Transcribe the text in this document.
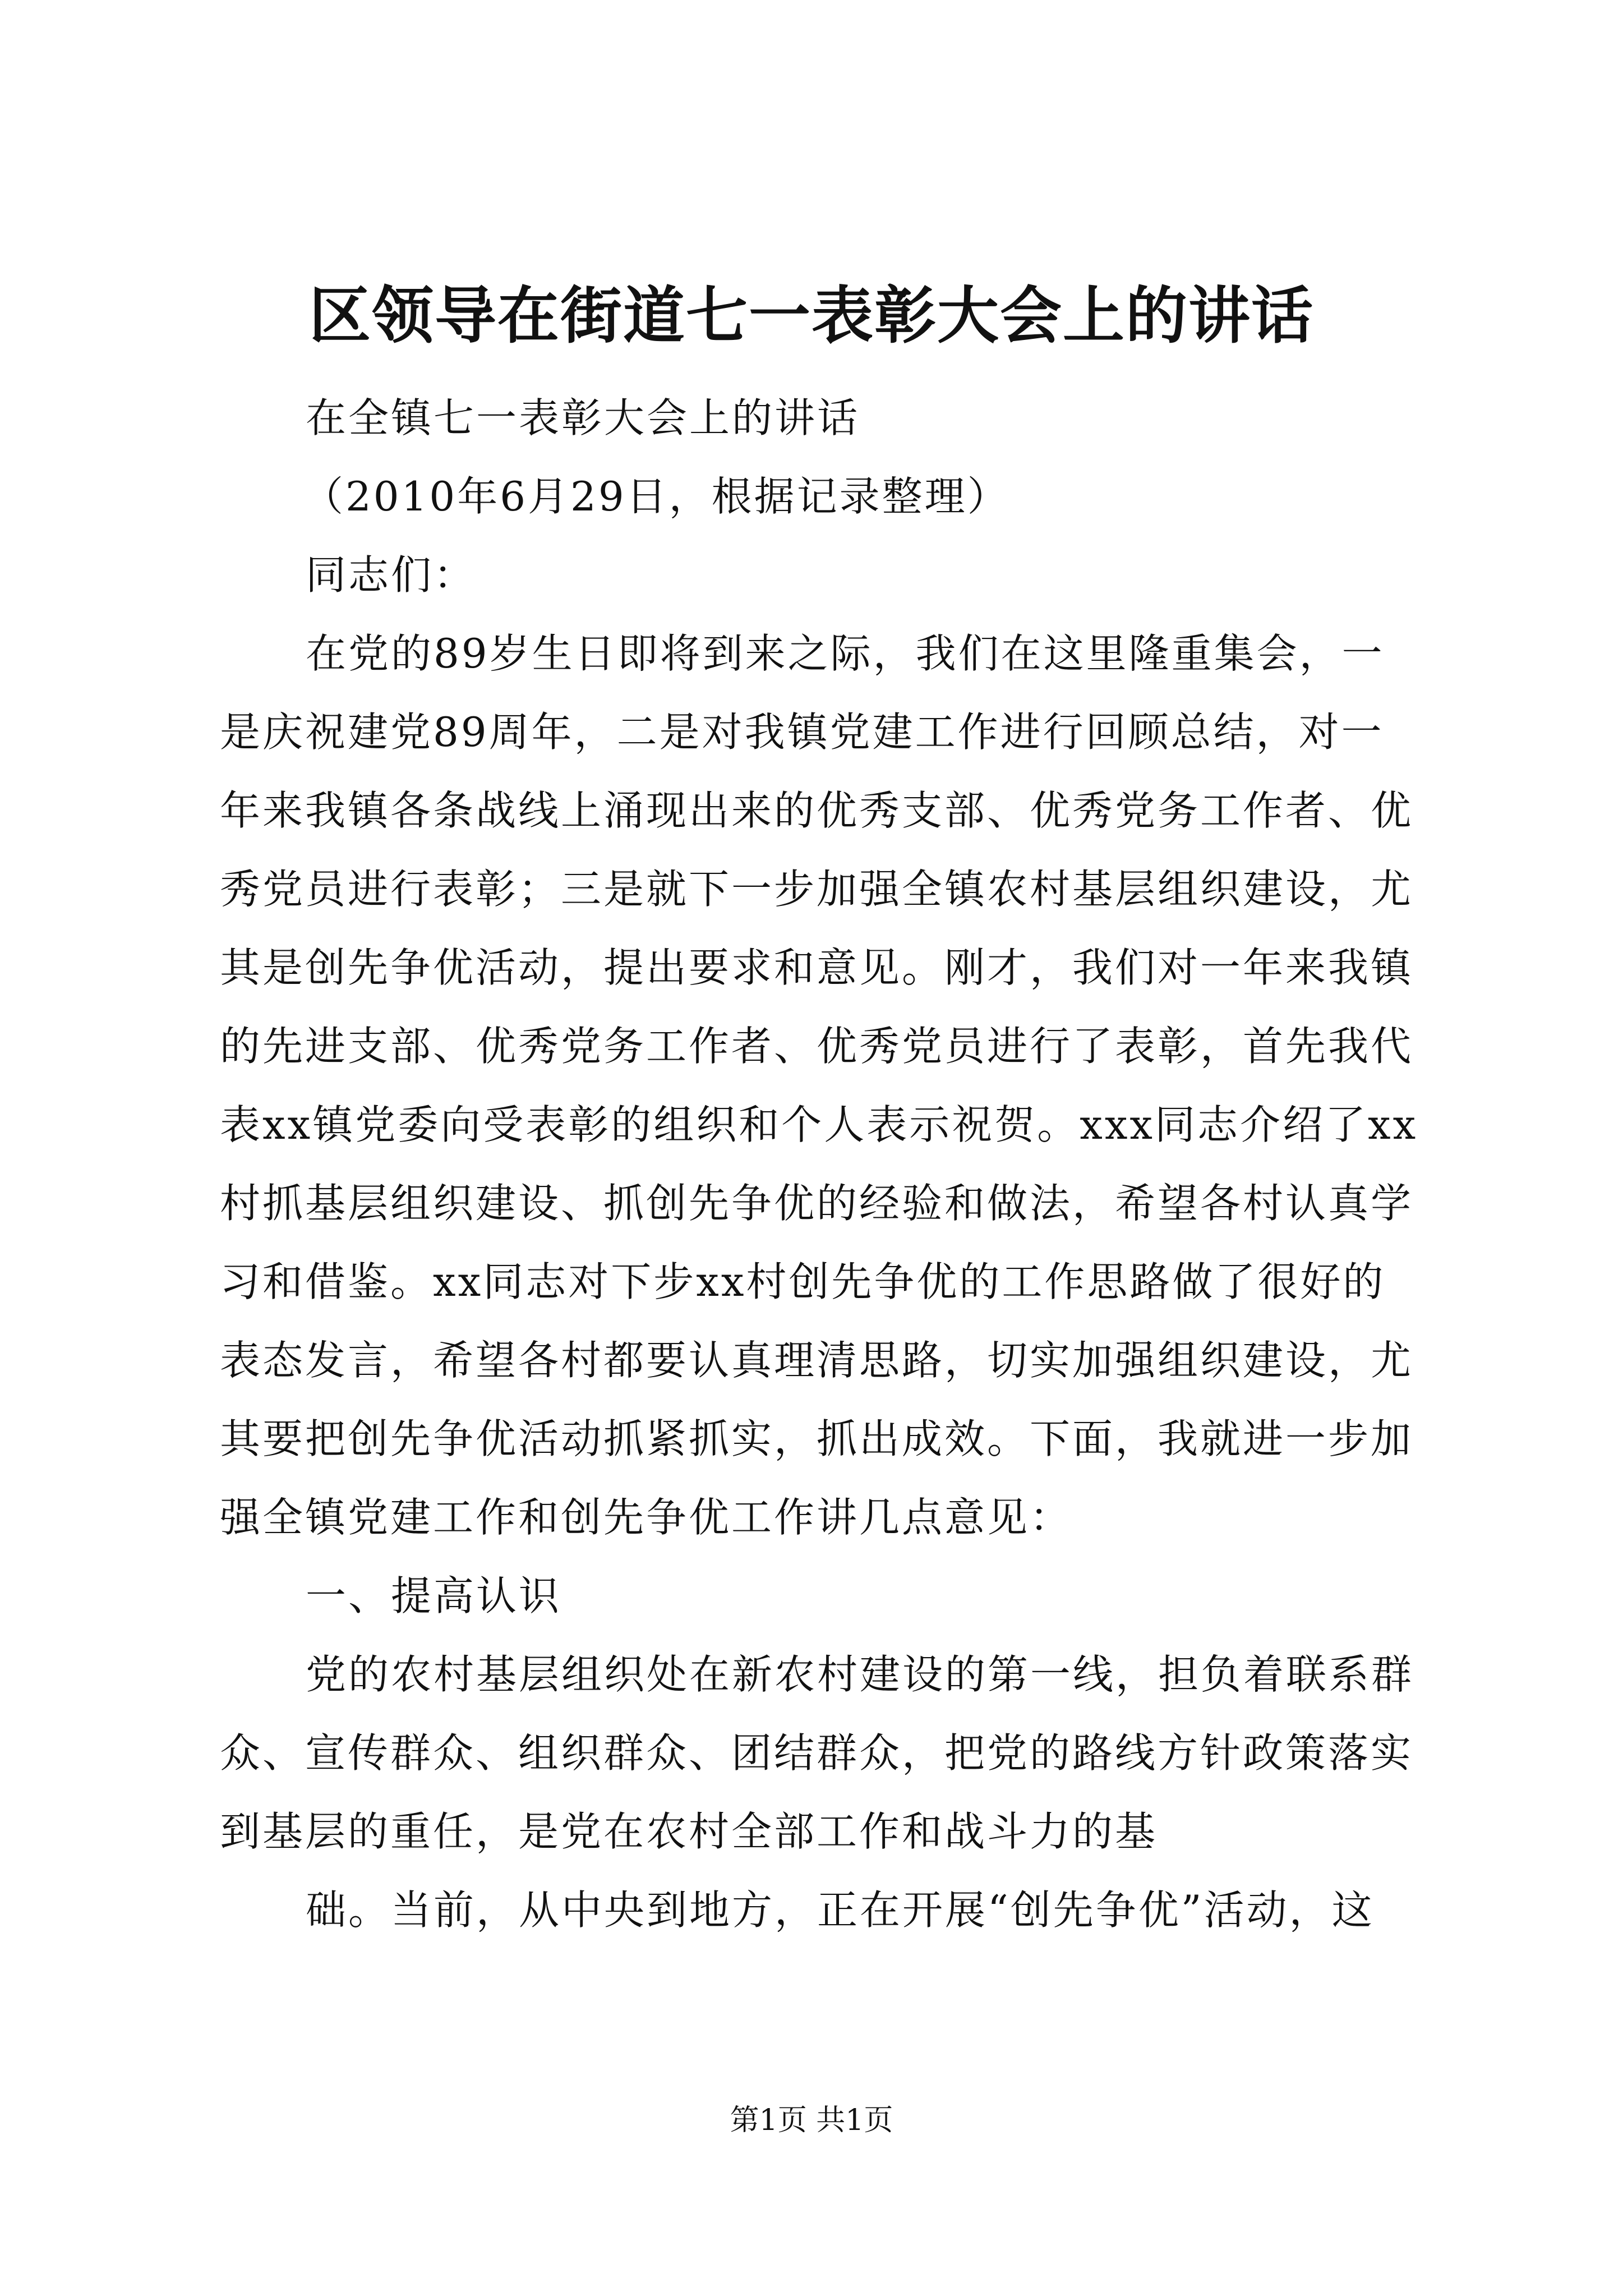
区领导在街道七一表彰大会上的讲话
在全镇七一表彰大会上的讲话
（2010年6月29日，根据记录整理）
同志们：
在党的89岁生日即将到来之际，我们在这里隆重集会，一
是庆祝建党89周年，二是对我镇党建工作进行回顾总结，对一
年来我镇各条战线上涌现出来的优秀支部、优秀党务工作者、优
秀党员进行表彰；三是就下一步加强全镇农村基层组织建设，尤
其是创先争优活动，提出要求和意见。刚才，我们对一年来我镇
的先进支部、优秀党务工作者、优秀党员进行了表彰，首先我代
表xx镇党委向受表彰的组织和个人表示祝贺。xxx同志介绍了xx
村抓基层组织建设、抓创先争优的经验和做法，希望各村认真学
习和借鉴。xx同志对下步xx村创先争优的工作思路做了很好的
表态发言，希望各村都要认真理清思路，切实加强组织建设，尤
其要把创先争优活动抓紧抓实，抓出成效。下面，我就进一步加
强全镇党建工作和创先争优工作讲几点意见：
一、提高认识
党的农村基层组织处在新农村建设的第一线，担负着联系群
众、宣传群众、组织群众、团结群众，把党的路线方针政策落实
到基层的重任，是党在农村全部工作和战斗力的基
础。当前，从中央到地方，正在开展“创先争优”活动，这
第1页 共1页
